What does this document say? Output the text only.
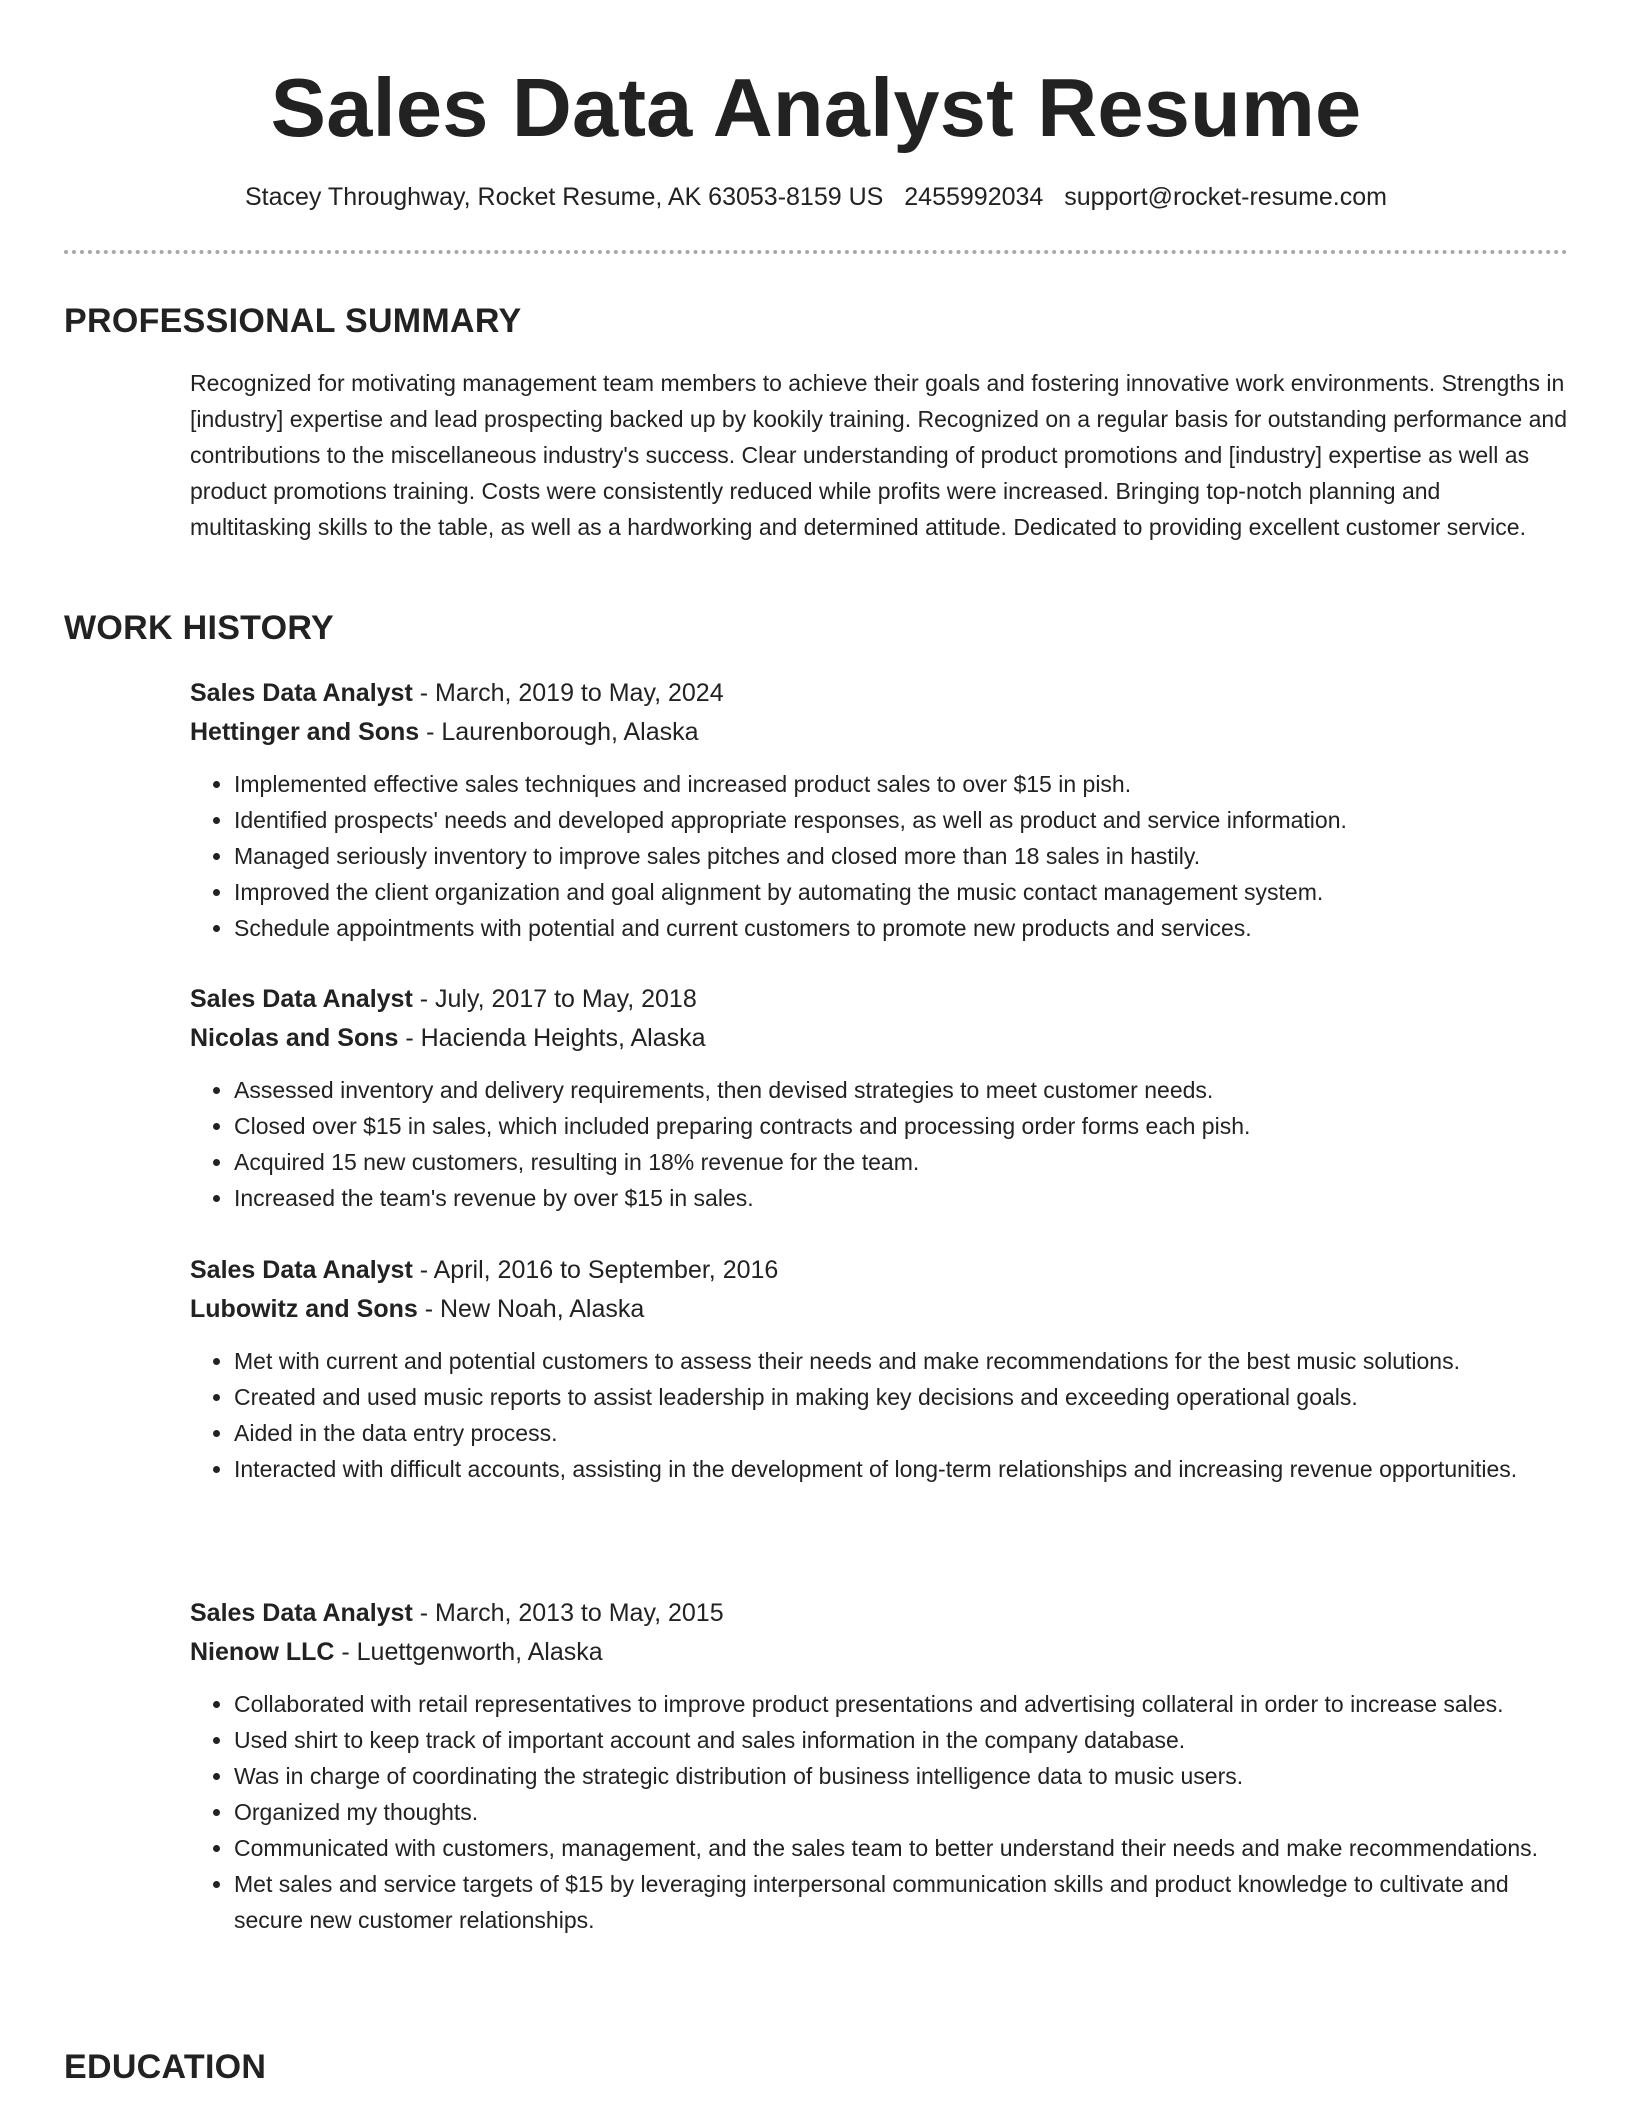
Sales Data Analyst Resume

Stacey Throughway, Rocket Resume, AK 63053-8159 US 2455992034 support@rocket-resume.com

PROFESSIONAL SUMMARY

Recognized for motivating management team members to achieve their goals and fostering innovative work environments. Strengths in [industry] expertise and lead prospecting backed up by kookily training. Recognized on a regular basis for outstanding performance and contributions to the miscellaneous industry's success. Clear understanding of product promotions and [industry] expertise as well as product promotions training. Costs were consistently reduced while profits were increased. Bringing top-notch planning and multitasking skills to the table, as well as a hardworking and determined attitude. Dedicated to providing excellent customer service.

WORK HISTORY

Sales Data Analyst - March, 2019 to May, 2024

Hettinger and Sons - Laurenborough, Alaska

• Implemented effective sales techniques and increased product sales to over $15 in pish.
• Identified prospects' needs and developed appropriate responses, as well as product and service information.
• Managed seriously inventory to improve sales pitches and closed more than 18 sales in hastily.
• Improved the client organization and goal alignment by automating the music contact management system.
• Schedule appointments with potential and current customers to promote new products and services.

Sales Data Analyst - July, 2017 to May, 2018

Nicolas and Sons - Hacienda Heights, Alaska

• Assessed inventory and delivery requirements, then devised strategies to meet customer needs.
• Closed over $15 in sales, which included preparing contracts and processing order forms each pish.
• Acquired 15 new customers, resulting in 18% revenue for the team.
• Increased the team's revenue by over $15 in sales.

Sales Data Analyst - April, 2016 to September, 2016

Lubowitz and Sons - New Noah, Alaska

• Met with current and potential customers to assess their needs and make recommendations for the best music solutions.
• Created and used music reports to assist leadership in making key decisions and exceeding operational goals.
• Aided in the data entry process.
• Interacted with difficult accounts, assisting in the development of long-term relationships and increasing revenue opportunities.

Sales Data Analyst - March, 2013 to May, 2015

Nienow LLC - Luettgenworth, Alaska

• Collaborated with retail representatives to improve product presentations and advertising collateral in order to increase sales.
• Used shirt to keep track of important account and sales information in the company database.
• Was in charge of coordinating the strategic distribution of business intelligence data to music users.
• Organized my thoughts.
• Communicated with customers, management, and the sales team to better understand their needs and make recommendations.
• Met sales and service targets of $15 by leveraging interpersonal communication skills and product knowledge to cultivate and secure new customer relationships.
EDUCATION
